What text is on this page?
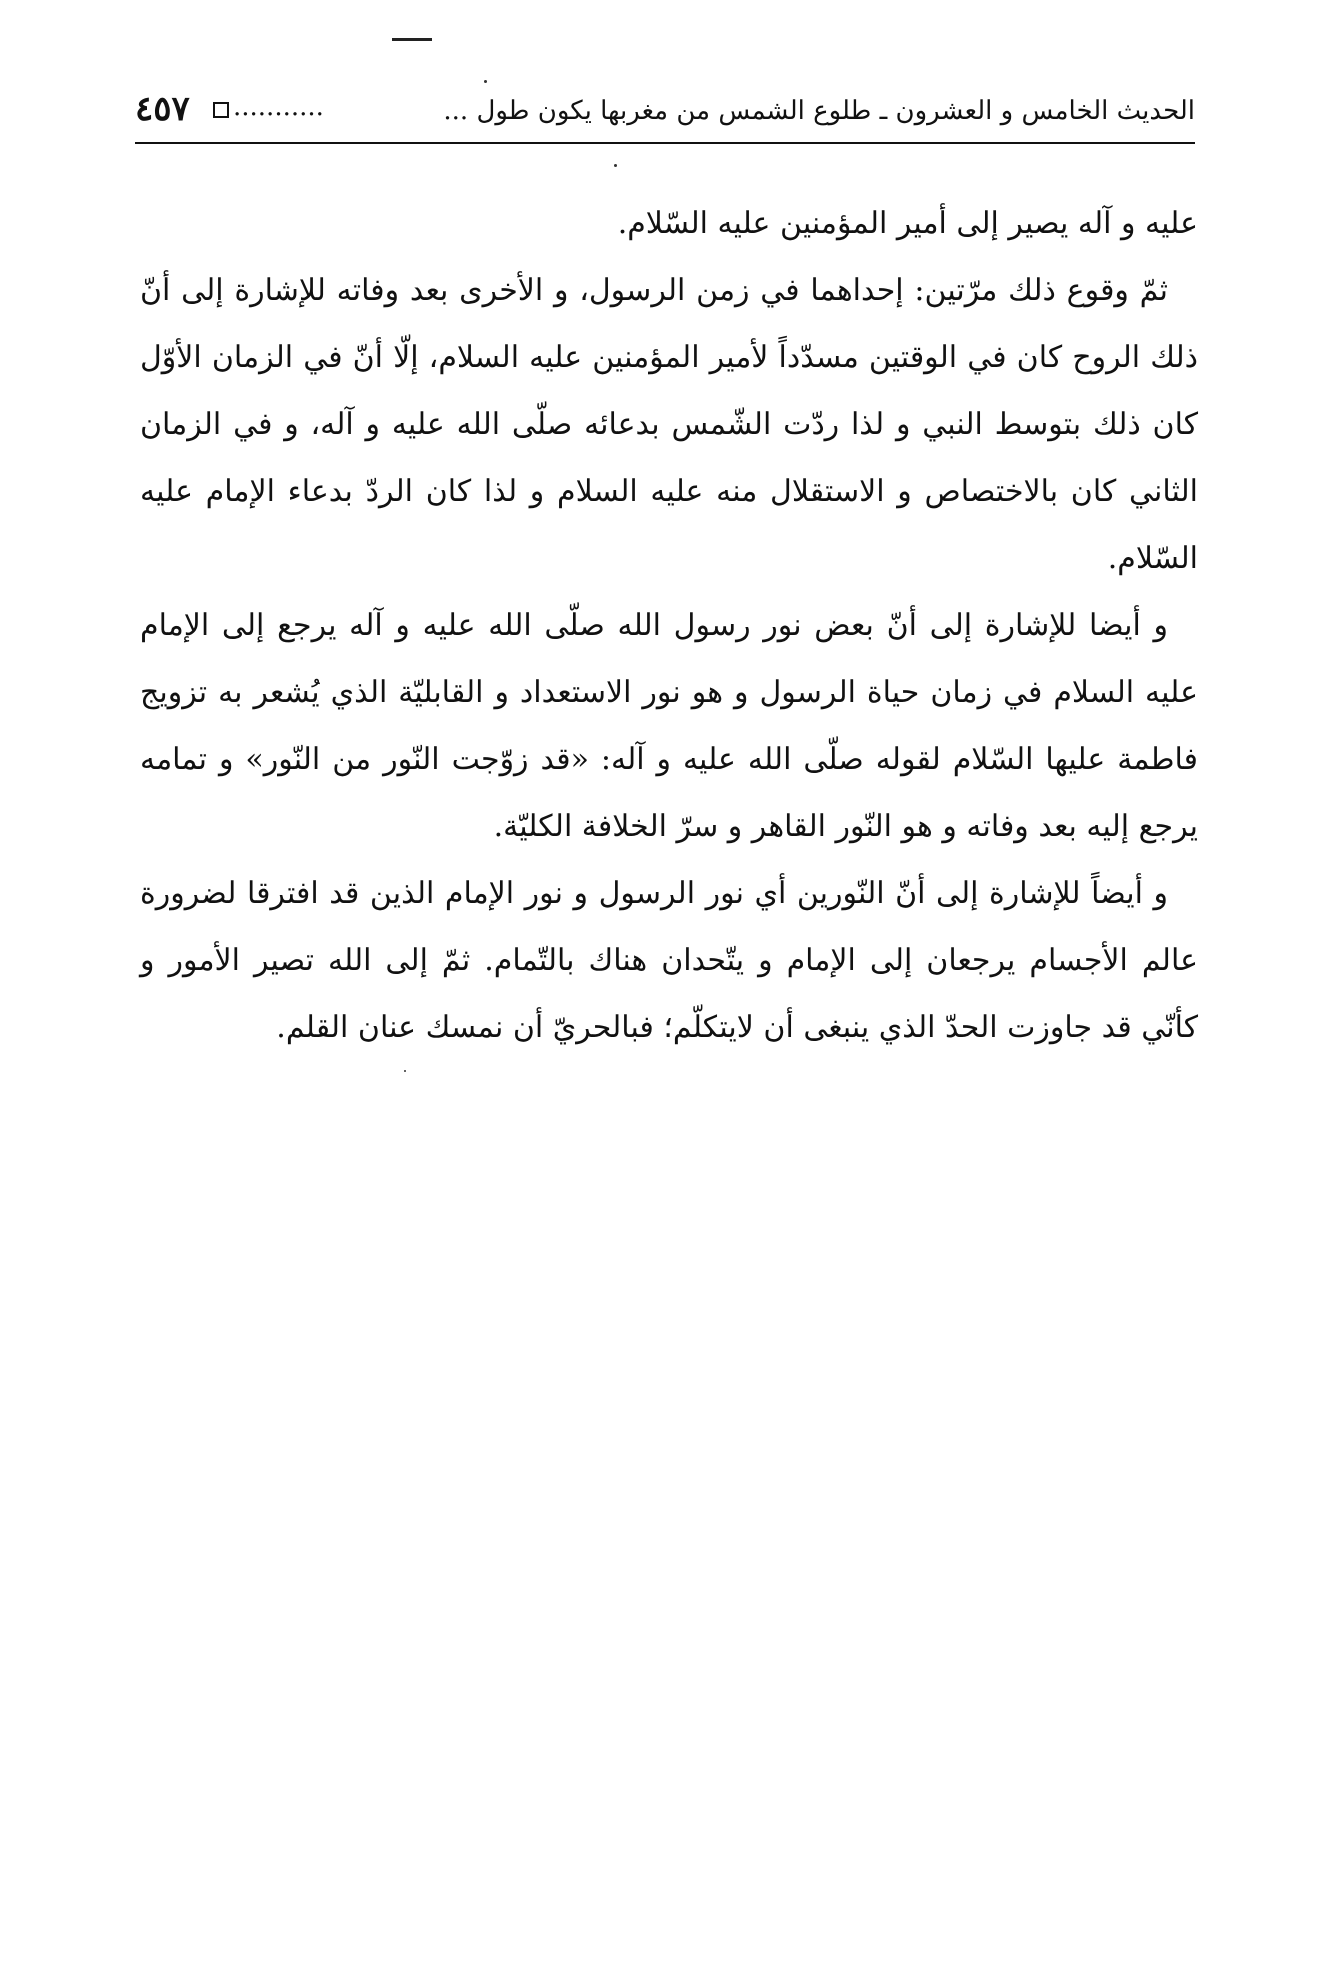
الحديث الخامس و العشرون ـ طلوع الشمس من مغربها يكون طول ...
٤٥٧ ...........

عليه و آله يصير إلى أمير المؤمنين عليه السّلام.

ثمّ وقوع ذلك مرّتين: إحداهما في زمن الرسول، و الأخرى بعد وفاته للإشارة إلى أنّ ذلك الروح كان في الوقتين مسدّداً لأمير المؤمنين عليه السلام، إلّا أنّ في الزمان الأوّل كان ذلك بتوسط النبي و لذا ردّت الشّمس بدعائه صلّى الله عليه و آله، و في الزمان الثاني كان بالاختصاص و الاستقلال منه عليه السلام و لذا كان الردّ بدعاء الإمام عليه السّلام.

و أيضا للإشارة إلى أنّ بعض نور رسول الله صلّى الله عليه و آله يرجع إلى الإمام عليه السلام في زمان حياة الرسول و هو نور الاستعداد و القابليّة الذي يُشعر به تزويج فاطمة عليها السّلام لقوله صلّى الله عليه و آله: «قد زوّجت النّور من النّور» و تمامه يرجع إليه بعد وفاته و هو النّور القاهر و سرّ الخلافة الكليّة.

و أيضاً للإشارة إلى أنّ النّورين أي نور الرسول و نور الإمام الذين قد افترقا لضرورة عالم الأجسام يرجعان إلى الإمام و يتّحدان هناك بالتّمام. ثمّ إلى الله تصير الأمور و كأنّي قد جاوزت الحدّ الذي ينبغى أن لايتكلّم؛ فبالحريّ أن نمسك عنان القلم.
